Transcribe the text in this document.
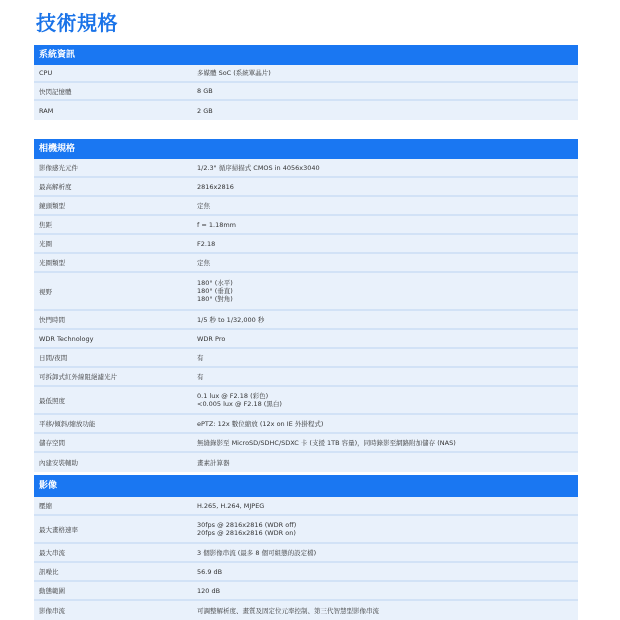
技術規格
系統資訊
CPU	多媒體 SoC (系統單晶片)
快閃記憶體	8 GB
RAM	2 GB
相機規格
影像感光元件	1/2.3" 循序掃描式 CMOS in 4056x3040
最高解析度	2816x2816
鏡頭類型	定焦
焦距	f = 1.18mm
光圈	F2.18
光圈類型	定焦
視野
180° (水平)
180° (垂直)
180° (對角)
快門時間	1/5 秒 to 1/32,000 秒
WDR Technology	WDR Pro
日間/夜間	有
可拆卸式紅外線阻絕濾光片	有
最低照度
0.1 lux @ F2.18 (彩色)
<0.005 lux @ F2.18 (黑白)
平移/傾斜/縮放功能	ePTZ: 12x 數位縮放 (12x on IE 外掛程式)
儲存空間	無縫錄影至 MicroSD/SDHC/SDXC 卡 (支援 1TB 容量)，同時錄影至網路附加儲存 (NAS)
內建安裝輔助	畫素計算器
影像
壓縮	H.265, H.264, MJPEG
最大畫格速率
30fps @ 2816x2816 (WDR off)
20fps @ 2816x2816 (WDR on)
最大串流	3 個影像串流 (最多 8 個可組態的設定檔)
訊噪比	56.9 dB
動態範圍	120 dB
影像串流	可調整解析度、畫質及固定位元率控制、第三代智慧型影像串流
